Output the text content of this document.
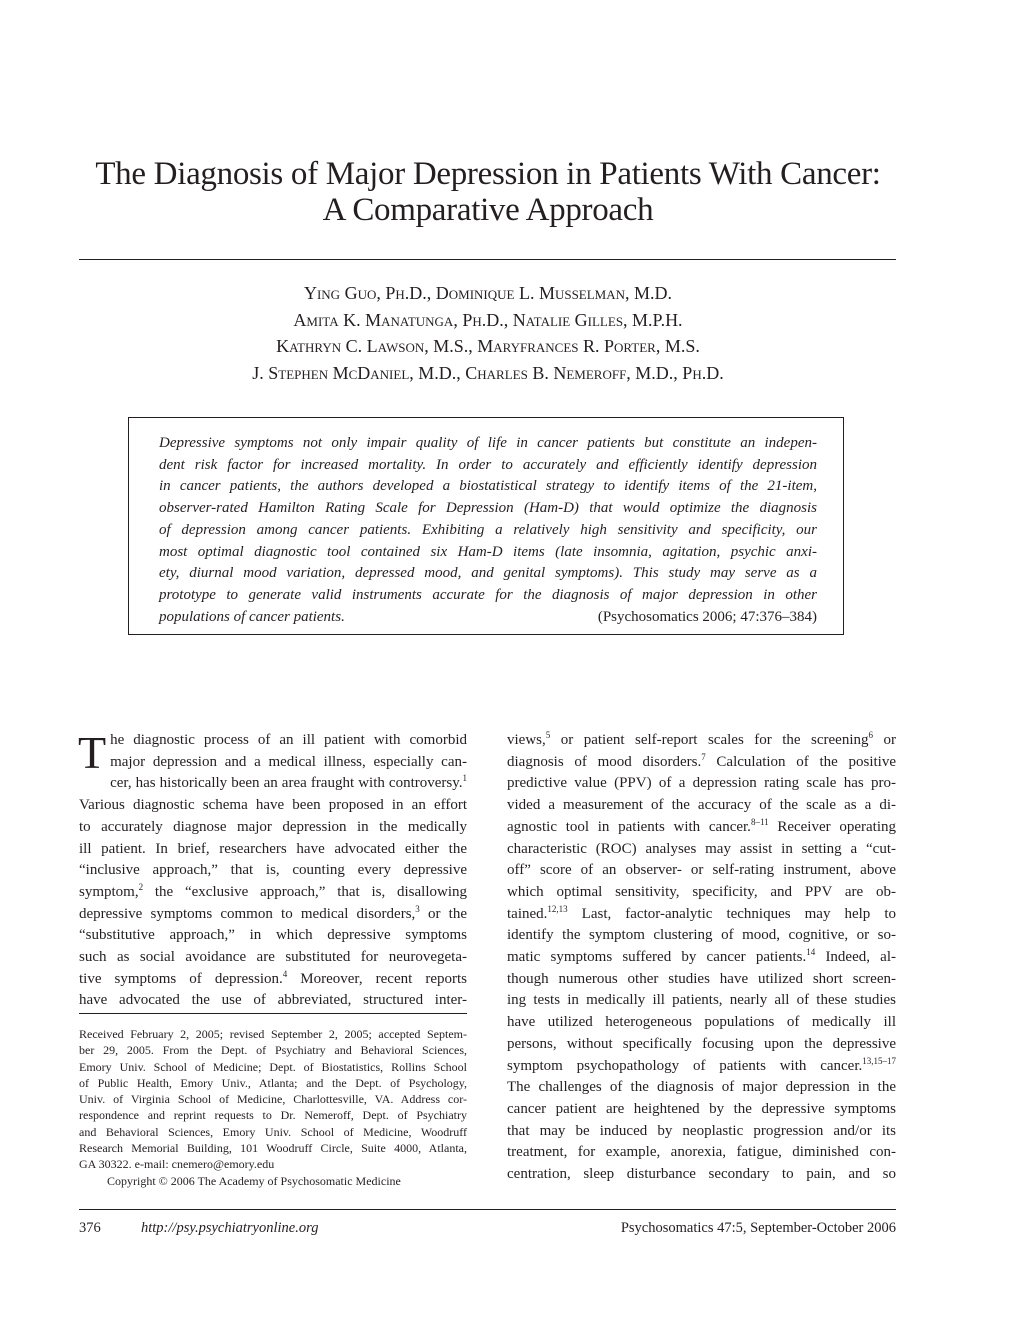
The Diagnosis of Major Depression in Patients With Cancer:
A Comparative Approach
Ying Guo, Ph.D., Dominique L. Musselman, M.D.
Amita K. Manatunga, Ph.D., Natalie Gilles, M.P.H.
Kathryn C. Lawson, M.S., Maryfrances R. Porter, M.S.
J. Stephen McDaniel, M.D., Charles B. Nemeroff, M.D., Ph.D.
Depressive symptoms not only impair quality of life in cancer patients but constitute an indepen-
dent risk factor for increased mortality. In order to accurately and efficiently identify depression
in cancer patients, the authors developed a biostatistical strategy to identify items of the 21-item,
observer-rated Hamilton Rating Scale for Depression (Ham-D) that would optimize the diagnosis
of depression among cancer patients. Exhibiting a relatively high sensitivity and specificity, our
most optimal diagnostic tool contained six Ham-D items (late insomnia, agitation, psychic anxi-
ety, diurnal mood variation, depressed mood, and genital symptoms). This study may serve as a
prototype to generate valid instruments accurate for the diagnosis of major depression in other
populations of cancer patients.	(Psychosomatics 2006; 47:376–384)
T he diagnostic process of an ill patient with comorbid
major depression and a medical illness, especially can-
cer, has historically been an area fraught with controversy.$^1$
Various diagnostic schema have been proposed in an effort
to accurately diagnose major depression in the medically
ill patient. In brief, researchers have advocated either the
“inclusive approach,” that is, counting every depressive
symptom,$^2$ the “exclusive approach,” that is, disallowing
depressive symptoms common to medical disorders,$^3$ or the
“substitutive approach,” in which depressive symptoms
such as social avoidance are substituted for neurovegeta-
tive symptoms of depression.$^4$ Moreover, recent reports
have advocated the use of abbreviated, structured inter-
Received February 2, 2005; revised September 2, 2005; accepted Septem-
ber 29, 2005. From the Dept. of Psychiatry and Behavioral Sciences,
Emory Univ. School of Medicine; Dept. of Biostatistics, Rollins School
of Public Health, Emory Univ., Atlanta; and the Dept. of Psychology,
Univ. of Virginia School of Medicine, Charlottesville, VA. Address cor-
respondence and reprint requests to Dr. Nemeroff, Dept. of Psychiatry
and Behavioral Sciences, Emory Univ. School of Medicine, Woodruff
Research Memorial Building, 101 Woodruff Circle, Suite 4000, Atlanta,
GA 30322. e-mail: cnemero@emory.edu
Copyright © 2006 The Academy of Psychosomatic Medicine
views,$^5$ or patient self-report scales for the screening$^6$ or
diagnosis of mood disorders.$^7$ Calculation of the positive
predictive value (PPV) of a depression rating scale has pro-
vided a measurement of the accuracy of the scale as a di-
agnostic tool in patients with cancer.$^{8-11}$ Receiver operating
characteristic (ROC) analyses may assist in setting a “cut-
off” score of an observer- or self-rating instrument, above
which optimal sensitivity, specificity, and PPV are ob-
tained.$^{12,13}$ Last, factor-analytic techniques may help to
identify the symptom clustering of mood, cognitive, or so-
matic symptoms suffered by cancer patients.$^{14}$ Indeed, al-
though numerous other studies have utilized short screen-
ing tests in medically ill patients, nearly all of these studies
have utilized heterogeneous populations of medically ill
persons, without specifically focusing upon the depressive
symptom psychopathology of patients with cancer.$^{13,15-17}$
The challenges of the diagnosis of major depression in the
cancer patient are heightened by the depressive symptoms
that may be induced by neoplastic progression and/or its
treatment, for example, anorexia, fatigue, diminished con-
centration, sleep disturbance secondary to pain, and so
376	http://psy.psychiatryonline.org	Psychosomatics 47:5, September-October 2006
